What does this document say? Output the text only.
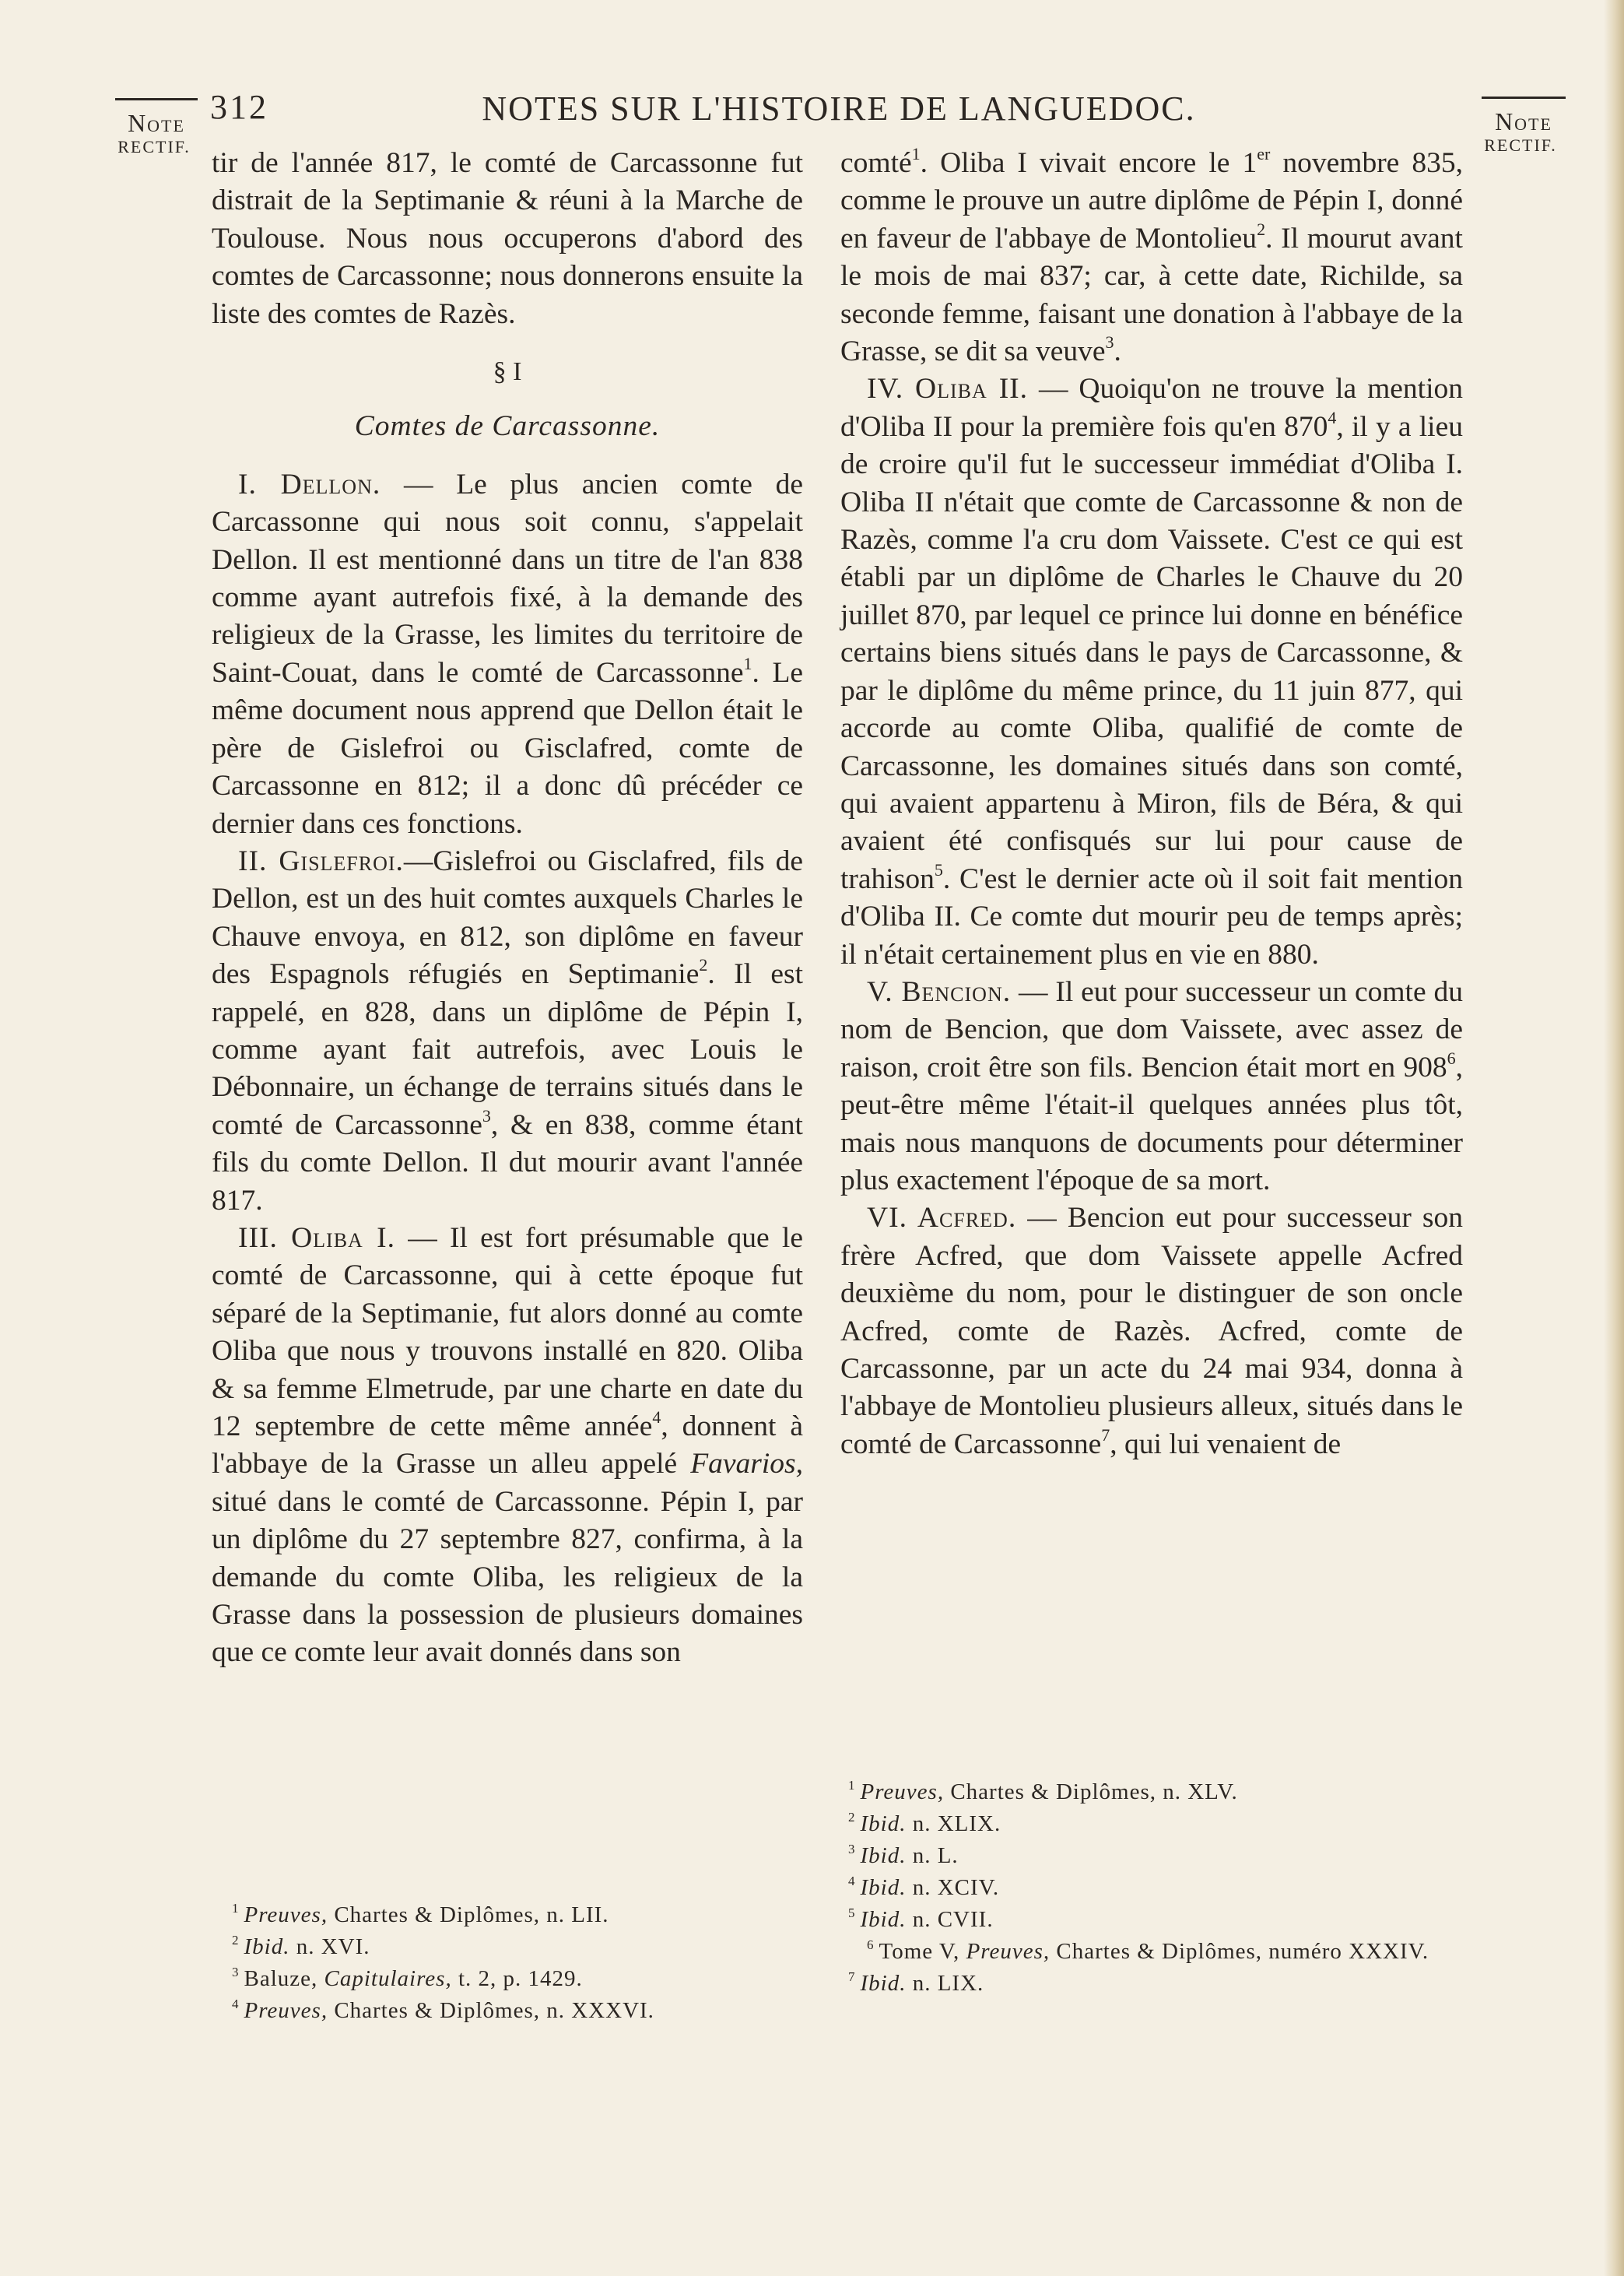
Note
RECTIF.
Note
RECTIF.
312	NOTES SUR L'HISTOIRE DE LANGUEDOC.

tir de l'année 817, le comté de Carcassonne fut distrait de la Septimanie & réuni à la Marche de Toulouse. Nous nous occuperons d'abord des comtes de Carcassonne; nous donnerons ensuite la liste des comtes de Razès.

§ I
Comtes de Carcassonne.

I. Dellon. — Le plus ancien comte de Carcassonne qui nous soit connu, s'appelait Dellon. Il est mentionné dans un titre de l'an 838 comme ayant autrefois fixé, à la demande des religieux de la Grasse, les limites du territoire de Saint-Couat, dans le comté de Carcassonne$^1$. Le même document nous apprend que Dellon était le père de Gislefroi ou Gisclafred, comte de Carcassonne en 812; il a donc dû précéder ce dernier dans ces fonctions.

II. Gislefroi.—Gislefroi ou Gisclafred, fils de Dellon, est un des huit comtes auxquels Charles le Chauve envoya, en 812, son diplôme en faveur des Espagnols réfugiés en Septimanie$^2$. Il est rappelé, en 828, dans un diplôme de Pépin I, comme ayant fait autrefois, avec Louis le Débonnaire, un échange de terrains situés dans le comté de Carcassonne$^3$, & en 838, comme étant fils du comte Dellon. Il dut mourir avant l'année 817.

III. Oliba I. — Il est fort présumable que le comté de Carcassonne, qui à cette époque fut séparé de la Septimanie, fut alors donné au comte Oliba que nous y trouvons installé en 820. Oliba & sa femme Elmetrude, par une charte en date du 12 septembre de cette même année$^4$, donnent à l'abbaye de la Grasse un alleu appelé Favarios, situé dans le comté de Carcassonne. Pépin I, par un diplôme du 27 septembre 827, confirma, à la demande du comte Oliba, les religieux de la Grasse dans la possession de plusieurs domaines que ce comte leur avait donnés dans son

comté$^1$. Oliba I vivait encore le 1er novembre 835, comme le prouve un autre diplôme de Pépin I, donné en faveur de l'abbaye de Montolieu$^2$. Il mourut avant le mois de mai 837; car, à cette date, Richilde, sa seconde femme, faisant une donation à l'abbaye de la Grasse, se dit sa veuve$^3$.

IV. Oliba II. — Quoiqu'on ne trouve la mention d'Oliba II pour la première fois qu'en $870^4$, il y a lieu de croire qu'il fut le successeur immédiat d'Oliba I. Oliba II n'était que comte de Carcassonne & non de Razès, comme l'a cru dom Vaissete. C'est ce qui est établi par un diplôme de Charles le Chauve du 20 juillet 870, par lequel ce prince lui donne en bénéfice certains biens situés dans le pays de Carcassonne, & par le diplôme du même prince, du 11 juin 877, qui accorde au comte Oliba, qualifié de comte de Carcassonne, les domaines situés dans son comté, qui avaient appartenu à Miron, fils de Béra, & qui avaient été confisqués sur lui pour cause de trahison$^5$. C'est le dernier acte où il soit fait mention d'Oliba II. Ce comte dut mourir peu de temps après; il n'était certainement plus en vie en 880.

V. Bencion. — Il eut pour successeur un comte du nom de Bencion, que dom Vaissete, avec assez de raison, croit être son fils. Bencion était mort en $908^6$, peut-être même l'était-il quelques années plus tôt, mais nous manquons de documents pour déterminer plus exactement l'époque de sa mort.

VI. Acfred. — Bencion eut pour successeur son frère Acfred, que dom Vaissete appelle Acfred deuxième du nom, pour le distinguer de son oncle Acfred, comte de Razès. Acfred, comte de Carcassonne, par un acte du 24 mai 934, donna à l'abbaye de Montolieu plusieurs alleux, situés dans le comté de Carcassonne$^7$, qui lui venaient de

$^1$ Preuves, Chartes & Diplômes, n. LII.
$^2$ Ibid. n. XVI.
$^3$ Baluze, Capitulaires, t. 2, p. 1429.
$^4$ Preuves, Chartes & Diplômes, n. XXXVI.
$^1$ Preuves, Chartes & Diplômes, n. XLV.
$^2$ Ibid. n. XLIX.
$^3$ Ibid. n. L.
$^4$ Ibid. n. XCIV.
$^5$ Ibid. n. CVII.
$^6$ Tome V, Preuves, Chartes & Diplômes, numéro XXXIV.
$^7$ Ibid. n. LIX.
